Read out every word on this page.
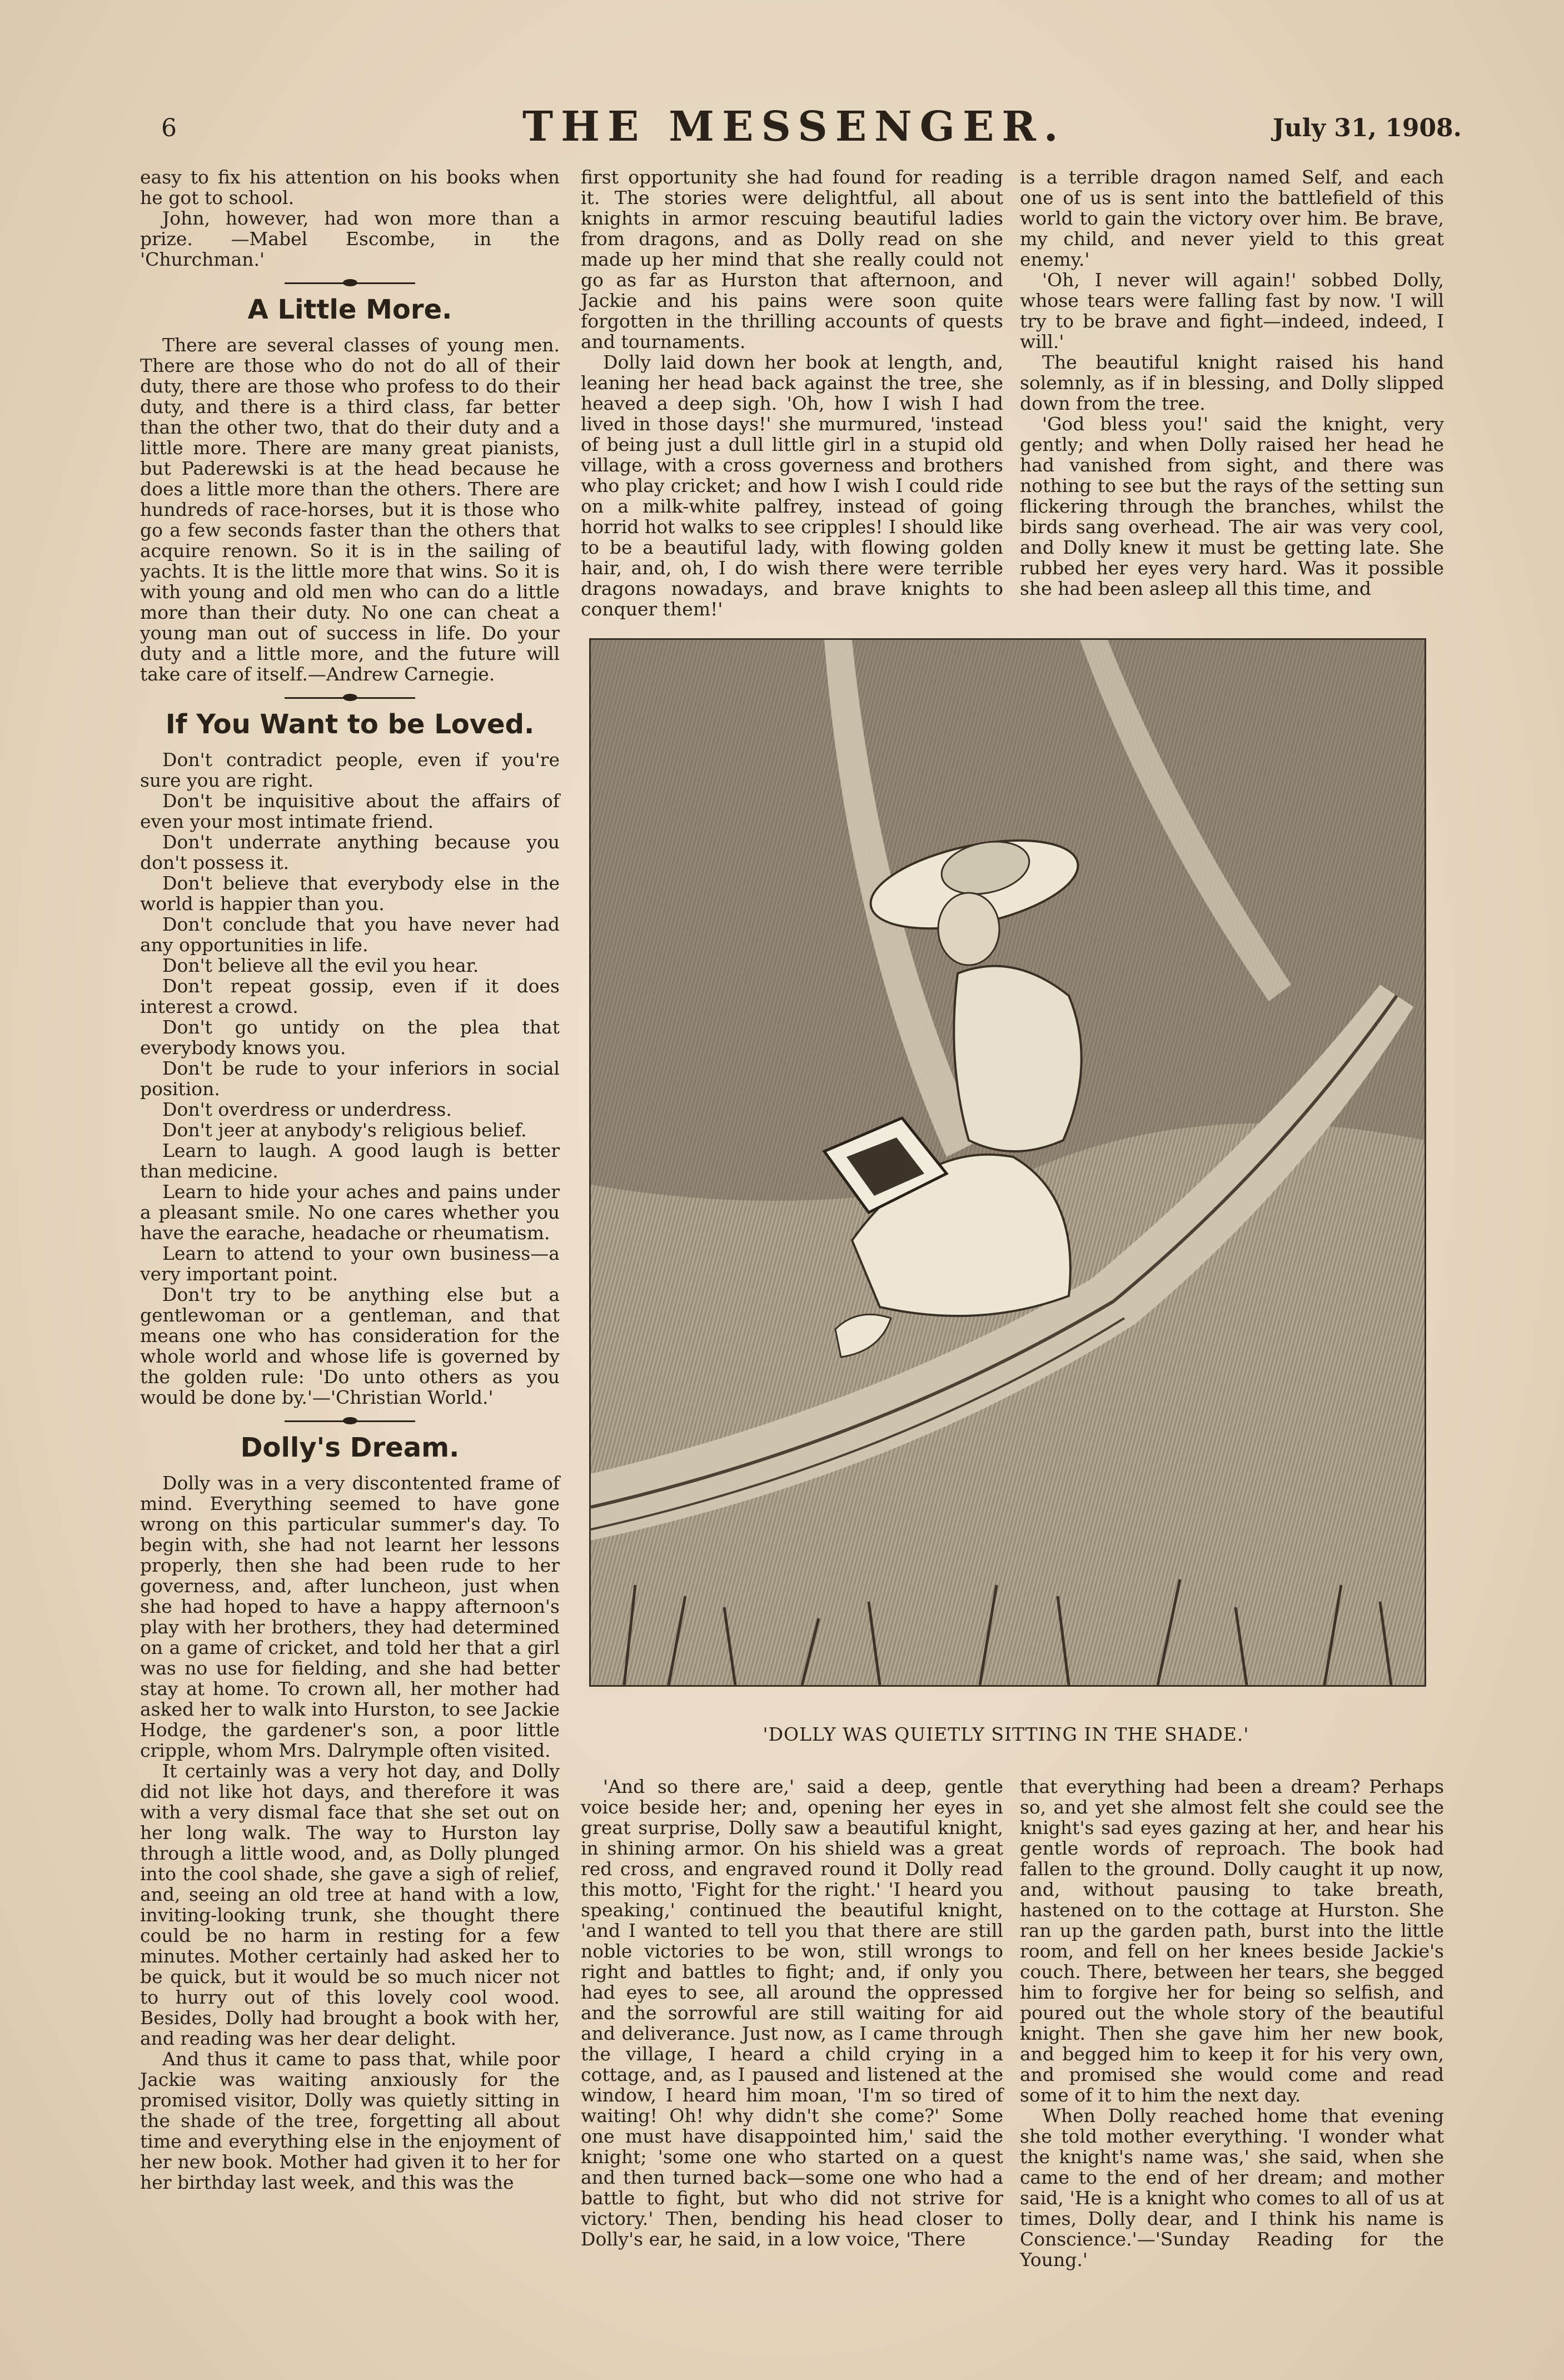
6	THE MESSENGER.	July 31, 1908.

easy to fix his attention on his books when he got to school.

John, however, had won more than a prize. —Mabel Escombe, in the 'Churchman.'

A Little More.

There are several classes of young men. There are those who do not do all of their duty, there are those who profess to do their duty, and there is a third class, far better than the other two, that do their duty and a little more. There are many great pianists, but Paderewski is at the head because he does a little more than the others. There are hundreds of race-horses, but it is those who go a few seconds faster than the others that acquire renown. So it is in the sailing of yachts. It is the little more that wins. So it is with young and old men who can do a little more than their duty. No one can cheat a young man out of success in life. Do your duty and a little more, and the future will take care of itself.—Andrew Carnegie.

If You Want to be Loved.

Don't contradict people, even if you're sure you are right.

Don't be inquisitive about the affairs of even your most intimate friend.

Don't underrate anything because you don't possess it.

Don't believe that everybody else in the world is happier than you.

Don't conclude that you have never had any opportunities in life.

Don't believe all the evil you hear.

Don't repeat gossip, even if it does interest a crowd.

Don't go untidy on the plea that everybody knows you.

Don't be rude to your inferiors in social position.

Don't overdress or underdress.

Don't jeer at anybody's religious belief.

Learn to laugh. A good laugh is better than medicine.

Learn to hide your aches and pains under a pleasant smile. No one cares whether you have the earache, headache or rheumatism.

Learn to attend to your own business—a very important point.

Don't try to be anything else but a gentlewoman or a gentleman, and that means one who has consideration for the whole world and whose life is governed by the golden rule: 'Do unto others as you would be done by.'—'Christian World.'

Dolly's Dream.

Dolly was in a very discontented frame of mind. Everything seemed to have gone wrong on this particular summer's day. To begin with, she had not learnt her lessons properly, then she had been rude to her governess, and, after luncheon, just when she had hoped to have a happy afternoon's play with her brothers, they had determined on a game of cricket, and told her that a girl was no use for fielding, and she had better stay at home. To crown all, her mother had asked her to walk into Hurston, to see Jackie Hodge, the gardener's son, a poor little cripple, whom Mrs. Dalrymple often visited.

It certainly was a very hot day, and Dolly did not like hot days, and therefore it was with a very dismal face that she set out on her long walk. The way to Hurston lay through a little wood, and, as Dolly plunged into the cool shade, she gave a sigh of relief, and, seeing an old tree at hand with a low, inviting-looking trunk, she thought there could be no harm in resting for a few minutes. Mother certainly had asked her to be quick, but it would be so much nicer not to hurry out of this lovely cool wood. Besides, Dolly had brought a book with her, and reading was her dear delight.

And thus it came to pass that, while poor Jackie was waiting anxiously for the promised visitor, Dolly was quietly sitting in the shade of the tree, forgetting all about time and everything else in the enjoyment of her new book. Mother had given it to her for her birthday last week, and this was the

first opportunity she had found for reading it. The stories were delightful, all about knights in armor rescuing beautiful ladies from dragons, and as Dolly read on she made up her mind that she really could not go as far as Hurston that afternoon, and Jackie and his pains were soon quite forgotten in the thrilling accounts of quests and tournaments.

Dolly laid down her book at length, and, leaning her head back against the tree, she heaved a deep sigh. 'Oh, how I wish I had lived in those days!' she murmured, 'instead of being just a dull little girl in a stupid old village, with a cross governess and brothers who play cricket; and how I wish I could ride on a milk-white palfrey, instead of going horrid hot walks to see cripples! I should like to be a beautiful lady, with flowing golden hair, and, oh, I do wish there were terrible dragons nowadays, and brave knights to conquer them!'

is a terrible dragon named Self, and each one of us is sent into the battlefield of this world to gain the victory over him. Be brave, my child, and never yield to this great enemy.'

'Oh, I never will again!' sobbed Dolly, whose tears were falling fast by now. 'I will try to be brave and fight—indeed, indeed, I will.'

The beautiful knight raised his hand solemnly, as if in blessing, and Dolly slipped down from the tree.

'God bless you!' said the knight, very gently; and when Dolly raised her head he had vanished from sight, and there was nothing to see but the rays of the setting sun flickering through the branches, whilst the birds sang overhead. The air was very cool, and Dolly knew it must be getting late. She rubbed her eyes very hard. Was it possible she had been asleep all this time, and

'DOLLY WAS QUIETLY SITTING IN THE SHADE.'

'And so there are,' said a deep, gentle voice beside her; and, opening her eyes in great surprise, Dolly saw a beautiful knight, in shining armor. On his shield was a great red cross, and engraved round it Dolly read this motto, 'Fight for the right.' 'I heard you speaking,' continued the beautiful knight, 'and I wanted to tell you that there are still noble victories to be won, still wrongs to right and battles to fight; and, if only you had eyes to see, all around the oppressed and the sorrowful are still waiting for aid and deliverance. Just now, as I came through the village, I heard a child crying in a cottage, and, as I paused and listened at the window, I heard him moan, 'I'm so tired of waiting! Oh! why didn't she come?' Some one must have disappointed him,' said the knight; 'some one who started on a quest and then turned back—some one who had a battle to fight, but who did not strive for victory.' Then, bending his head closer to Dolly's ear, he said, in a low voice, 'There

that everything had been a dream? Perhaps so, and yet she almost felt she could see the knight's sad eyes gazing at her, and hear his gentle words of reproach. The book had fallen to the ground. Dolly caught it up now, and, without pausing to take breath, hastened on to the cottage at Hurston. She ran up the garden path, burst into the little room, and fell on her knees beside Jackie's couch. There, between her tears, she begged him to forgive her for being so selfish, and poured out the whole story of the beautiful knight. Then she gave him her new book, and begged him to keep it for his very own, and promised she would come and read some of it to him the next day.

When Dolly reached home that evening she told mother everything. 'I wonder what the knight's name was,' she said, when she came to the end of her dream; and mother said, 'He is a knight who comes to all of us at times, Dolly dear, and I think his name is Conscience.'—'Sunday Reading for the Young.'
